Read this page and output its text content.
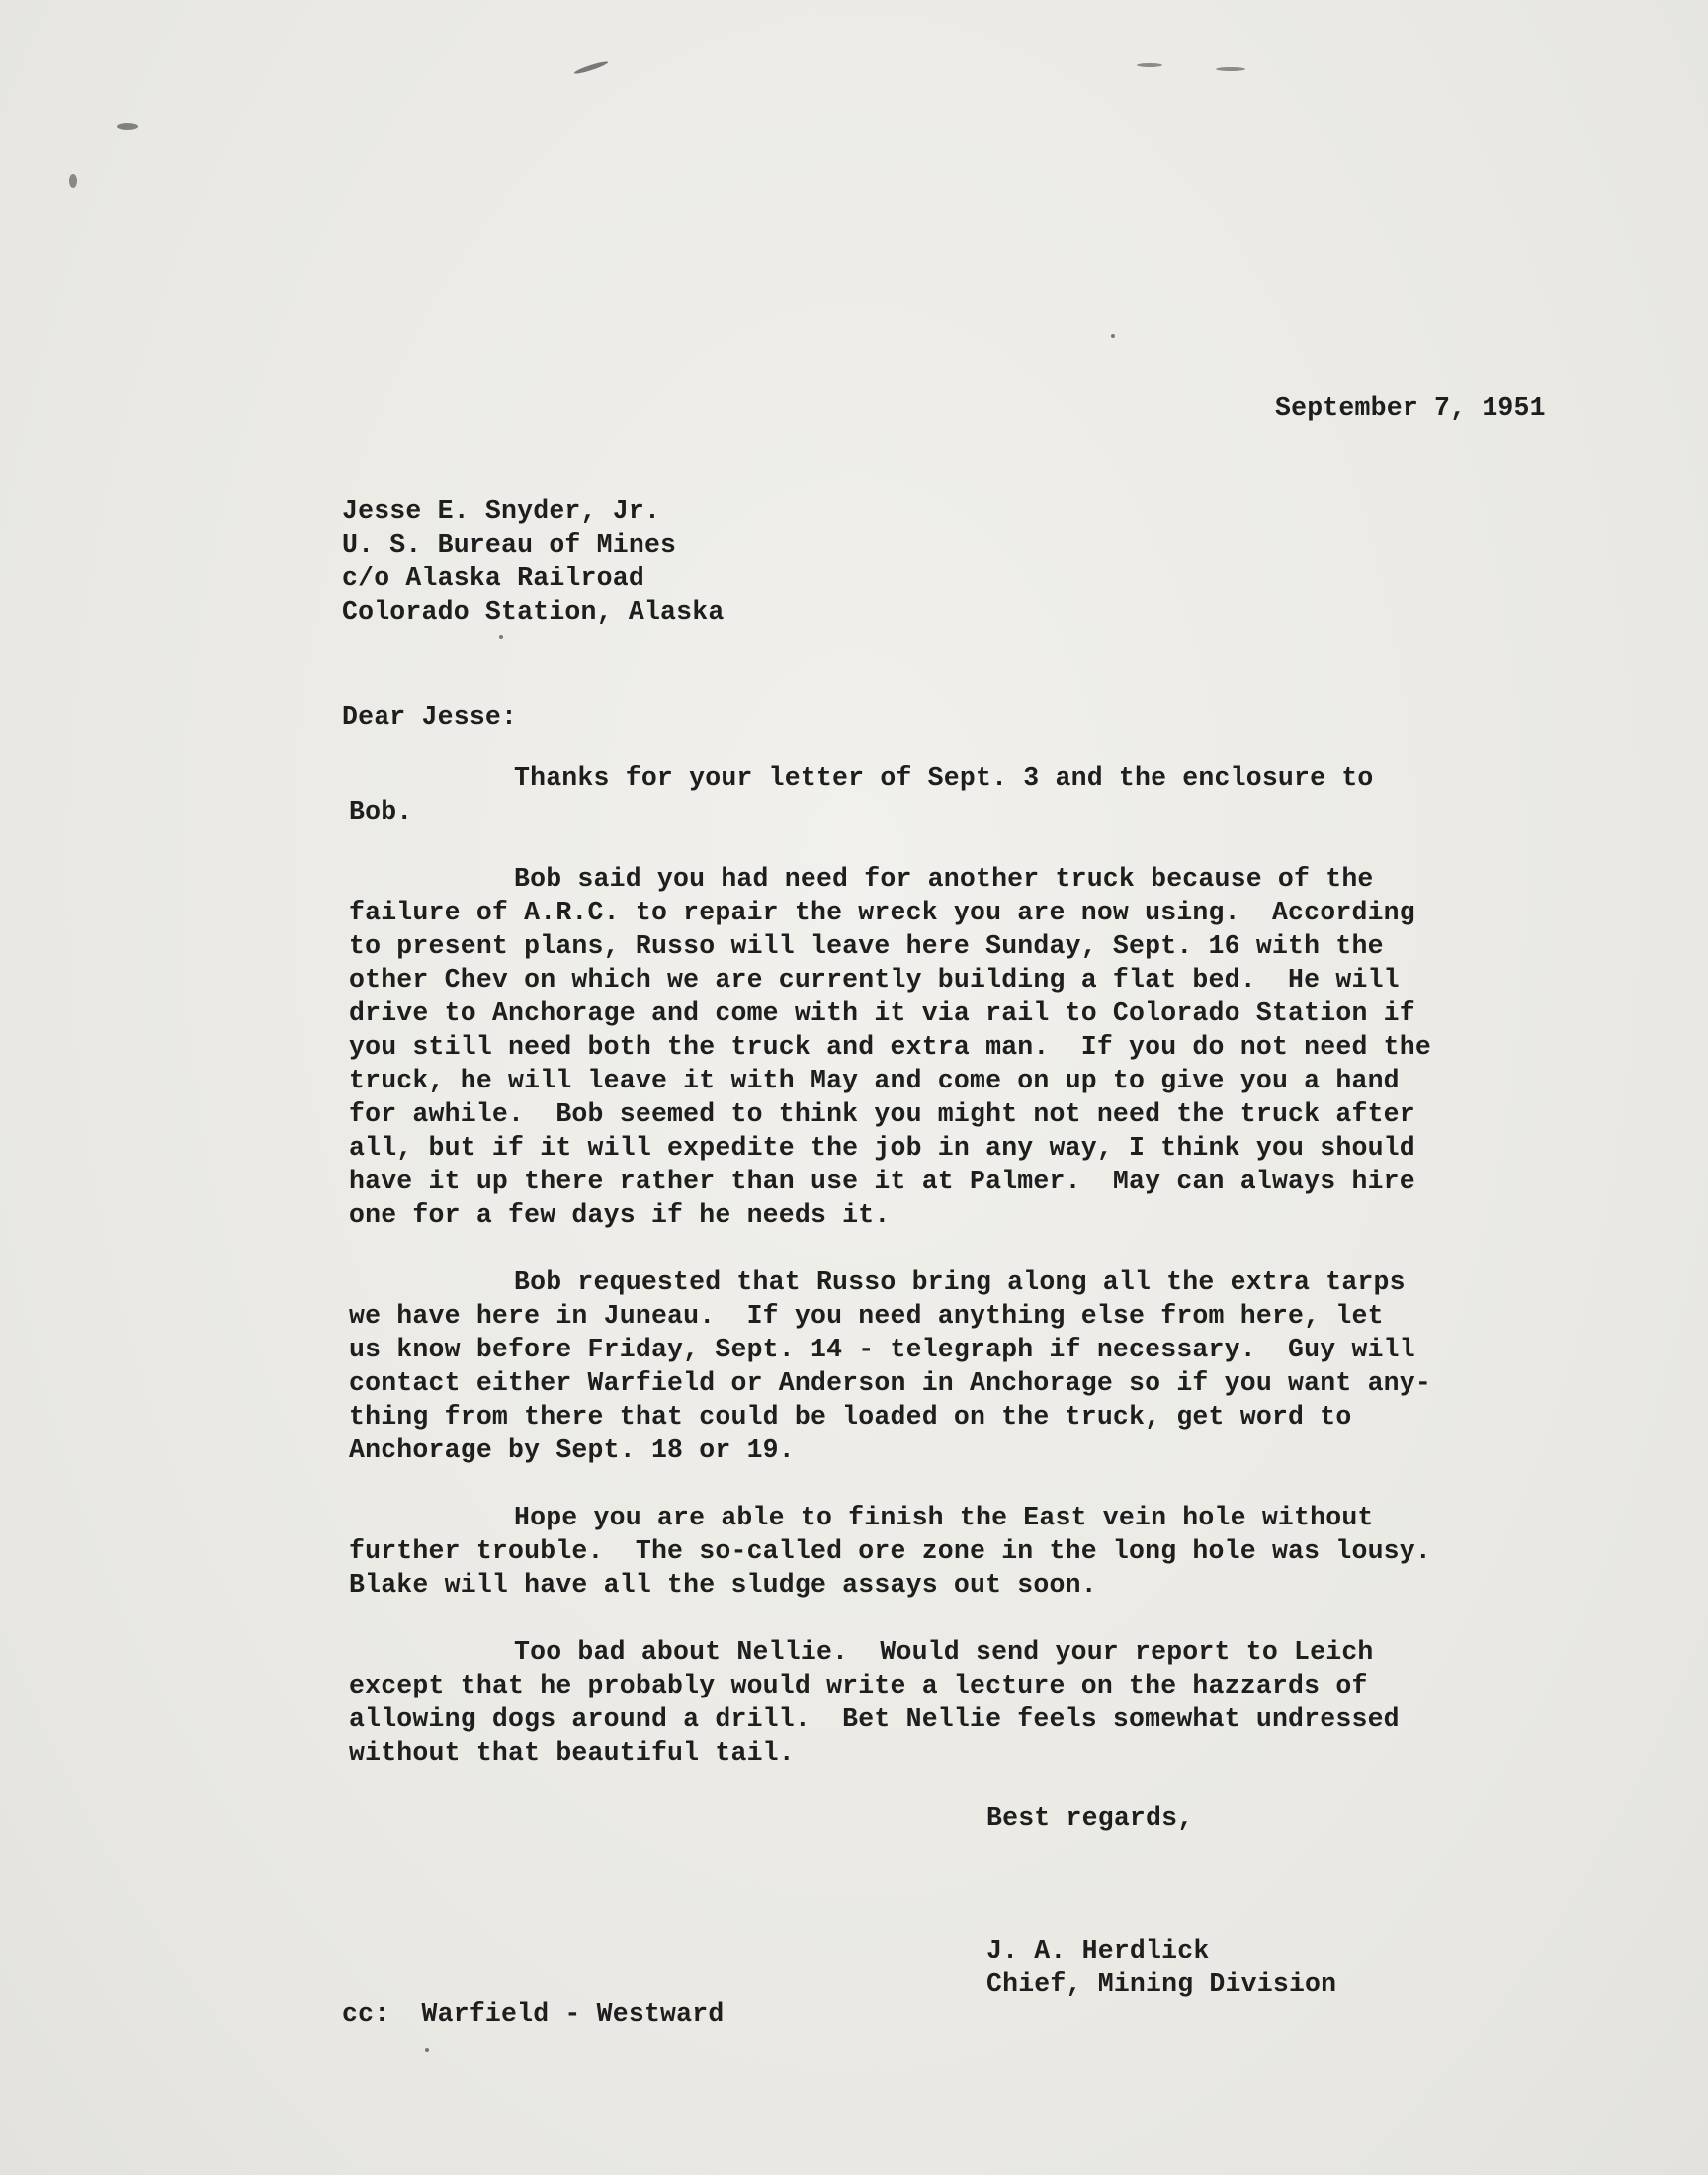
September 7, 1951
Jesse E. Snyder, Jr.
U. S. Bureau of Mines
c/o Alaska Railroad
Colorado Station, Alaska
Dear Jesse:
Thanks for your letter of Sept. 3 and the enclosure to
Bob.
Bob said you had need for another truck because of the
failure of A.R.C. to repair the wreck you are now using.  According
to present plans, Russo will leave here Sunday, Sept. 16 with the
other Chev on which we are currently building a flat bed.  He will
drive to Anchorage and come with it via rail to Colorado Station if
you still need both the truck and extra man.  If you do not need the
truck, he will leave it with May and come on up to give you a hand
for awhile.  Bob seemed to think you might not need the truck after
all, but if it will expedite the job in any way, I think you should
have it up there rather than use it at Palmer.  May can always hire
one for a few days if he needs it.
Bob requested that Russo bring along all the extra tarps
we have here in Juneau.  If you need anything else from here, let
us know before Friday, Sept. 14 - telegraph if necessary.  Guy will
contact either Warfield or Anderson in Anchorage so if you want any-
thing from there that could be loaded on the truck, get word to
Anchorage by Sept. 18 or 19.
Hope you are able to finish the East vein hole without
further trouble.  The so-called ore zone in the long hole was lousy.
Blake will have all the sludge assays out soon.
Too bad about Nellie.  Would send your report to Leich
except that he probably would write a lecture on the hazzards of
allowing dogs around a drill.  Bet Nellie feels somewhat undressed
without that beautiful tail.
Best regards,
J. A. Herdlick
Chief, Mining Division
cc:  Warfield - Westward
